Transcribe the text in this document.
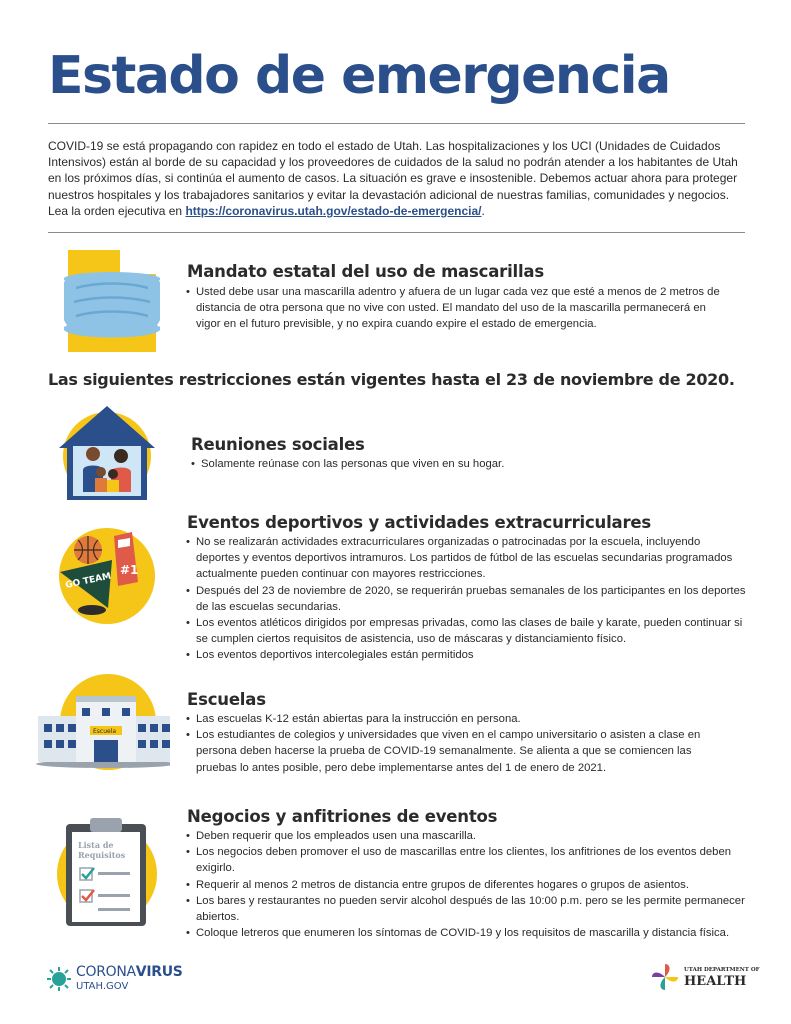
Estado de emergencia

COVID-19 se está propagando con rapidez en todo el estado de Utah. Las hospitalizaciones y los UCI (Unidades de Cuidados Intensivos) están al borde de su capacidad y los proveedores de cuidados de la salud no podrán atender a los habitantes de Utah en los próximos días, si continúa el aumento de casos. La situación es grave e insostenible. Debemos actuar ahora para proteger nuestros hospitales y los trabajadores sanitarios y evitar la devastación adicional de nuestras familias, comunidades y negocios. Lea la orden ejecutiva en https://coronavirus.utah.gov/estado-de-emergencia/.

Mandato estatal del uso de mascarillas
• Usted debe usar una mascarilla adentro y afuera de un lugar cada vez que esté a menos de 2 metros de distancia de otra persona que no vive con usted. El mandato del uso de la mascarilla permanecerá en vigor en el futuro previsible, y no expira cuando expire el estado de emergencia.
Las siguientes restricciones están vigentes hasta el 23 de noviembre de 2020.
Reuniones sociales
• Solamente reúnase con las personas que viven en su hogar.
#1
GO TEAM
Eventos deportivos y actividades extracurriculares
• No se realizarán actividades extracurriculares organizadas o patrocinadas por la escuela, incluyendo deportes y eventos deportivos intramuros. Los partidos de fútbol de las escuelas secundarias programados actualmente pueden continuar con mayores restricciones.
• Después del 23 de noviembre de 2020, se requerirán pruebas semanales de los participantes en los deportes de las escuelas secundarias.
• Los eventos atléticos dirigidos por empresas privadas, como las clases de baile y karate, pueden continuar si se cumplen ciertos requisitos de asistencia, uso de máscaras y distanciamiento físico.
• Los eventos deportivos intercolegiales están permitidos
Escuela
Escuelas
• Las escuelas K-12 están abiertas para la instrucción en persona.
• Los estudiantes de colegios y universidades que viven en el campo universitario o asisten a clase en persona deben hacerse la prueba de COVID-19 semanalmente. Se alienta a que se comiencen las pruebas lo antes posible, pero debe implementarse antes del 1 de enero de 2021.
Lista de
Requisitos
Negocios y anfitriones de eventos
• Deben requerir que los empleados usen una mascarilla.
• Los negocios deben promover el uso de mascarillas entre los clientes, los anfitriones de los eventos deben exigirlo.
• Requerir al menos 2 metros de distancia entre grupos de diferentes hogares o grupos de asientos.
• Los bares y restaurantes no pueden servir alcohol después de las 10:00 p.m. pero se les permite permanecer abiertos.
• Coloque letreros que enumeren los síntomas de COVID-19 y los requisitos de mascarilla y distancia física.
CORONAVIRUS
UTAH.GOV
UTAH DEPARTMENT OF
HEALTH
